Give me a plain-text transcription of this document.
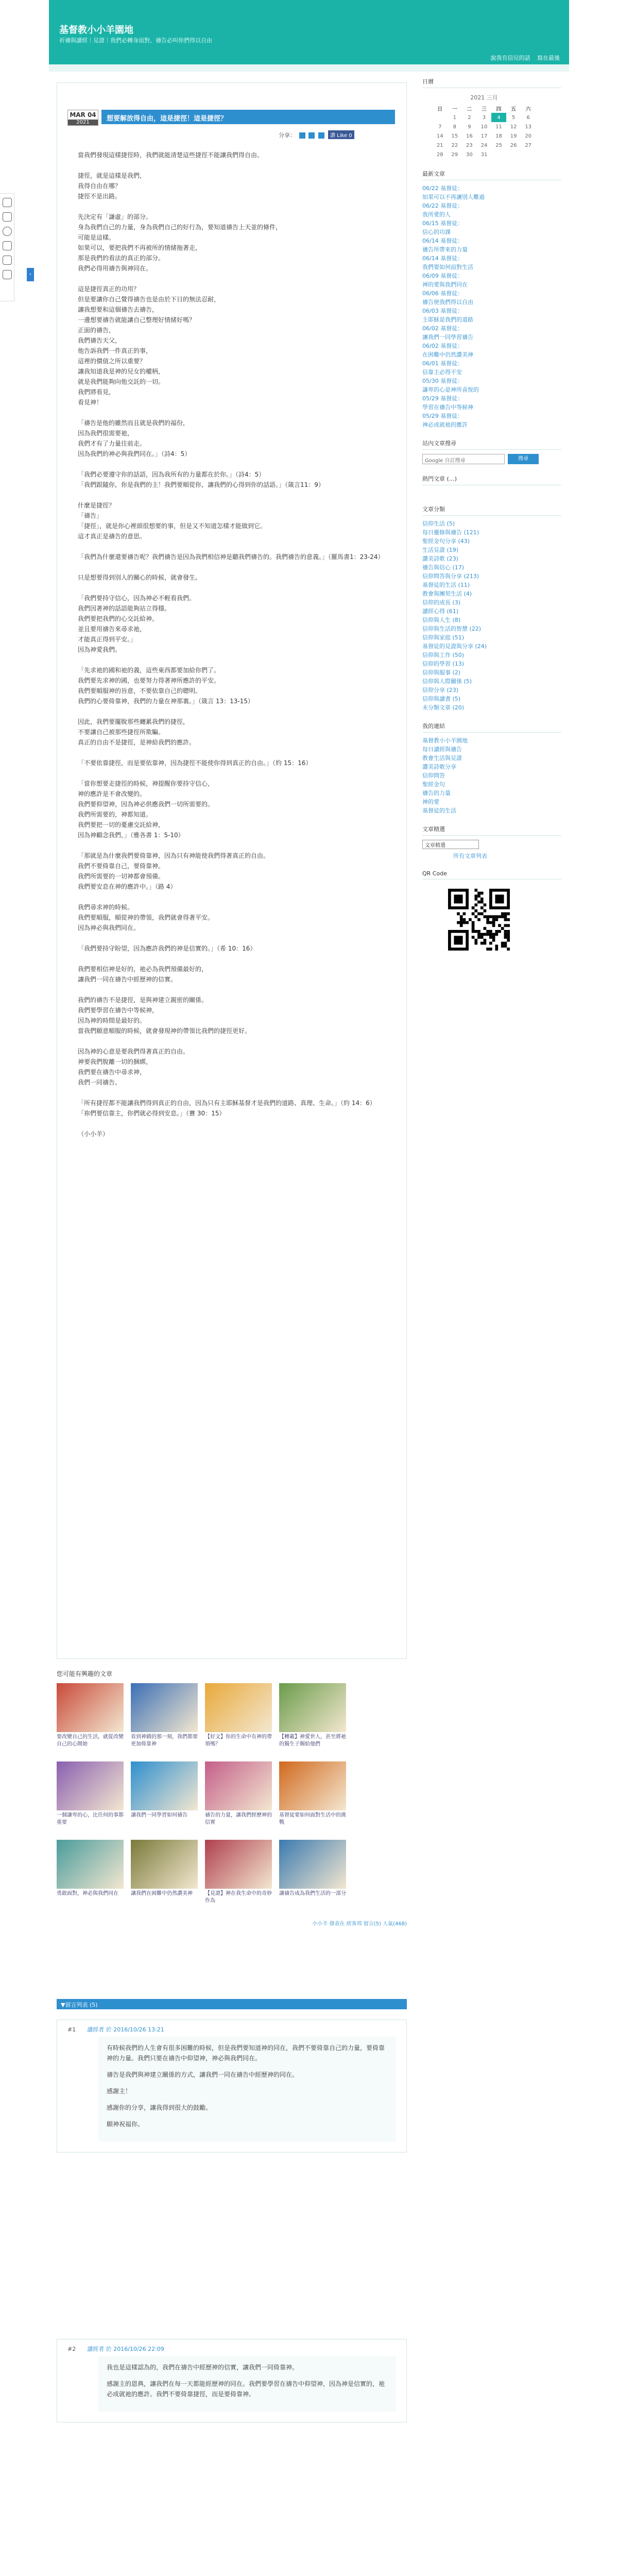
基督教小小羊園地
祈禱與讀經｜見證｜我們必轉身面對、禱告必叫你們得以自由
說我有信兒的話 寫在最後
‹
MAR 04
2021	想要解放得自由，這是捷徑！這是捷徑？
分享：	讚 Like 0

當我們發現這樣捷徑時，我們就能清楚這些捷徑不能讓我們得自由。

捷徑，就是這樣是我們，
我得自由在哪？
捷徑不是出路。

先決定有「謙虛」的部分。
身為我們自己的力量，身為我們自己的好行為，要知道禱告上天並的條件，
可能是這樣。
如果可以，要把我們不再被所的情緒拖著走，
那是我們的看法的真正的部分。
我們必得用禱告與神同在。

這是捷徑真正的功用？
但是要讓你自己覺得禱告也是由於下日的無法忍耐，
讓我想要和這個禱告去禱告，
一邊想要禱告就能讓自己整理好情緒好嗎？
正面的禱告，
我們禱告天父，
他告訴我們一件真正的事，
這裡的價值之所以重要？
讓我知道我是神的兒女的權柄，
就是我們能夠向他交託的一切。
我們將看見，
看見神！

「禱告是他的雖然而且就是我們的福份，
因為我們很需要祂，
我們才有了力量往前走。
因為我們的神必與我們同在。」（詩4：5）

「我們必要遵守你的話語，因為我所有的力量都在於你。」（詩4：5）
「我們跟隨你，你是我們的主！我們要順從你，讓我們的心得到你的話語。」（箴言11：9）

什麼是捷徑？
「禱告」
「捷徑」，就是你心裡頭很想要的事，但是又不知道怎樣才能做到它。
這才真正是禱告的意思。

「我們為什麼還要禱告呢？我們禱告是因為我們相信神是聽我們禱告的。我們禱告的意義。」（羅馬書1：23-24）

只是想要得到別人的關心的時候，就會發生。

「我們要持守信心，因為神必不輕看我們。
我們因著神的話語能夠站立得穩。
我們要把我們的心交託給神。
並且要用禱告來尋求祂，
才能真正得到平安。」
因為神愛我們。

「先求祂的國和祂的義，這些東西都要加給你們了。
我們要先求神的國，也要努力得著神所應許的平安。
我們要順服神的旨意，不要依靠自己的聰明。
我們的心要倚靠神，我們的力量在神那裏。」（箴言 13：13-15）

因此，我們要擺脫那些纏累我們的捷徑，
不要讓自己被那些捷徑所欺騙。
真正的自由不是捷徑，是神給我們的應許。

「不要依靠捷徑，而是要依靠神，因為捷徑不能使你得到真正的自由。」（約 15：16）

「當你想要走捷徑的時候，神提醒你要持守信心，
神的應許是不會改變的。
我們要仰望神，因為神必供應我們一切所需要的。
我們所需要的，神都知道。
我們要把一切的憂慮交託給神，
因為神顧念我們，」（雅各書 1：5-10）

「那就是為什麼我們要倚靠神，因為只有神能使我們得著真正的自由。
我們不要倚靠自己，要倚靠神。
我們所需要的一切神都會預備。
我們要安息在神的應許中。」（路 4）

我們尋求神的時候。
我們要順服，順從神的帶領，我們就會得著平安。
因為神必與我們同在。

「我們要持守盼望，因為應許我們的神是信實的。」（希 10：16）

我們要相信神是好的，祂必為我們預備最好的，
讓我們一同在禱告中經歷神的信實。

我們的禱告不是捷徑，是與神建立親密的關係。
我們要學習在禱告中等候神，
因為神的時間是最好的。
當我們願意順服的時候，就會發現神的帶領比我們的捷徑更好。

因為神的心意是要我們得著真正的自由。
神要我們脫離一切的捆綁，
我們要在禱告中尋求神，
我們一同禱告。

「所有捷徑都不能讓我們得到真正的自由，因為只有主耶穌基督才是我們的道路、真理、生命。」（約 14：6）
「祢們要信靠主，你們就必得到安息。」（賽 30：15）

（小小羊）

您可能有興趣的文章
要改變自己的生活，就從改變自己的心開始
看到神蹟的那一刻，我們都要更加倚靠神
【好文】你的生命中有神的帶領嗎？
【轉載】神愛世人，甚至將祂的獨生子賜給他們
一個謙卑的心，比任何的事都重要
讓我們一同學習如何禱告	禱告的力量，讓我們經歷神的信實
基督徒要如何面對生活中的挑戰
勇敢面對，神必與我們同在	讓我們在困難中仍然讚美神	【見證】神在我生命中的奇妙作為
讓禱告成為我們生活的一部分
小小羊 發表在 痞客邦 留言(5) 人氣(468)
▼留言列表 (5)
#1 讀經者 於 2016/10/26 13:21

有時候我們的人生會有很多困難的時候，但是我們要知道神的同在，我們不要倚靠自己的力量，要倚靠神的力量。我們只要在禱告中仰望神，神必與我們同在。

禱告是我們與神建立關係的方式，讓我們一同在禱告中經歷神的同在。

感謝主！

感謝你的分享，讓我得到很大的鼓勵。

願神祝福你。

#2 讀經者 於 2016/10/26 22:09

我也是這樣認為的，我們在禱告中經歷神的信實，讓我們一同倚靠神。

感謝主的恩典，讓我們在每一天都能經歷神的同在。我們要學習在禱告中仰望神，因為神是信實的，祂必成就祂的應許。我們不要倚靠捷徑，而是要倚靠神。

日曆
2021 三月
日	一	二	三	四	五	六
	1	2	3	4	5	6
7	8	9	10	11	12	13
14	15	16	17	18	19	20
21	22	23	24	25	26	27
28	29	30	31			
最新文章
06/22 基督徒：
如果可以不再讓別人難過
06/22 基督徒：
我所愛的人
06/15 基督徒：
信心的功課
06/14 基督徒：
禱告所帶來的力量
06/14 基督徒：
我們要如何面對生活
06/09 基督徒：
神的愛與我們同在
06/06 基督徒：
禱告使我們得以自由
06/03 基督徒：
主耶穌是我們的道路
06/02 基督徒：
讓我們一同學習禱告
06/02 基督徒：
在困難中仍然讚美神
06/01 基督徒：
信靠主必得平安
05/30 基督徒：
謙卑的心是神所喜悅的
05/29 基督徒：
學習在禱告中等候神
05/29 基督徒：
神必成就祂的應許
站內文章搜尋
Google 自訂搜尋	搜尋
熱門文章 (…)
文章分類
信仰生活 (5)
每日靈修與禱告 (121)
聖經金句分享 (43)
生活見證 (19)
讚美詩歌 (23)
禱告與信心 (17)
信仰問答與分享 (213)
基督徒的生活 (11)
教會與團契生活 (4)
信仰的成長 (3)
讀經心得 (61)
信仰與人生 (8)
信仰與生活的智慧 (22)
信仰與家庭 (51)
基督徒的見證與分享 (24)
信仰與工作 (50)
信仰的學習 (13)
信仰與服事 (2)
信仰與人際關係 (5)
信仰分享 (23)
信仰與讀書 (5)
未分類文章 (20)
我的連結
基督教小小羊園地
每日讀經與禱告
教會生活與見證
讚美詩歌分享
信仰問答
聖經金句
禱告的力量
神的愛
基督徒的生活
文章精選
文章精選
所有文章列表
QR Code
